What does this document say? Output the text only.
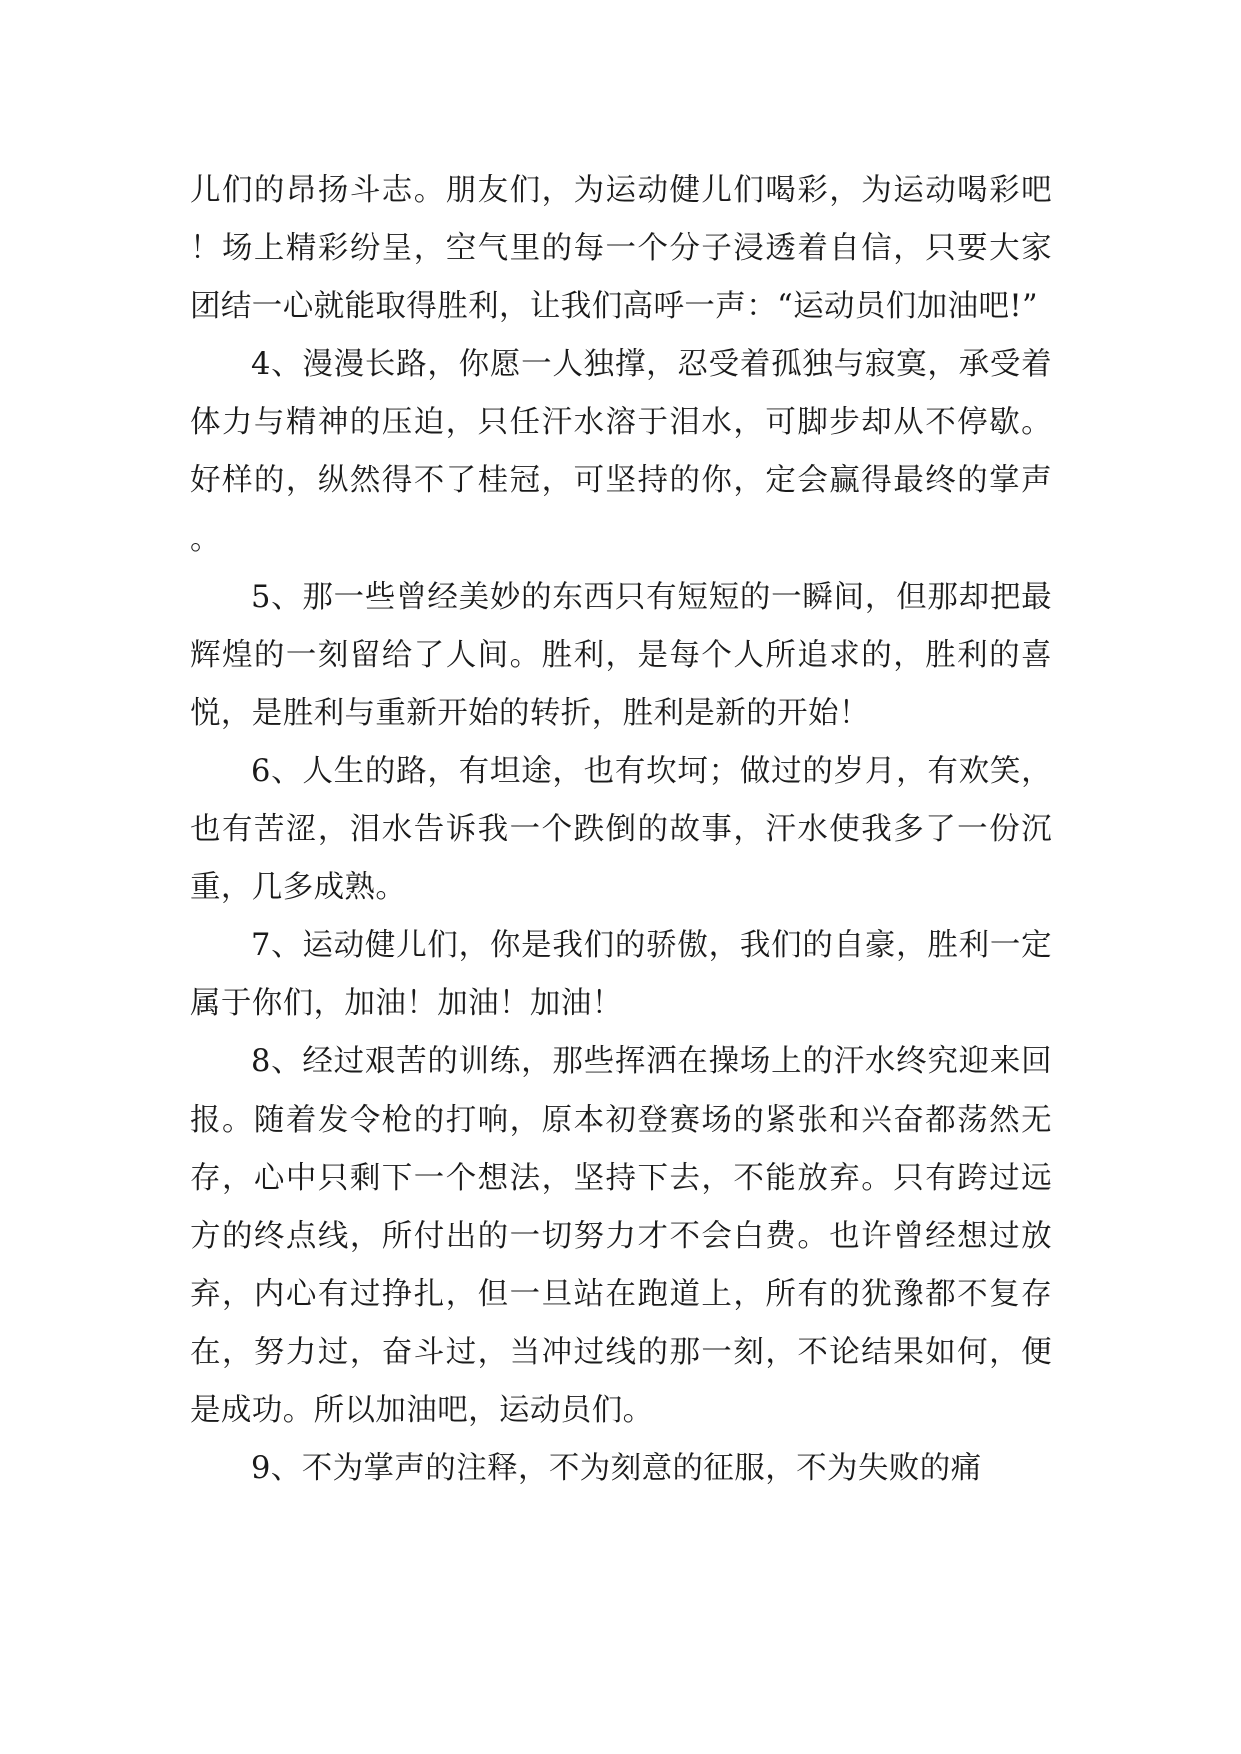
儿们的昂扬斗志。朋友们，为运动健儿们喝彩，为运动喝彩吧！场上精彩纷呈，空气里的每一个分子浸透着自信，只要大家团结一心就能取得胜利，让我们高呼一声：“运动员们加油吧!”

4、漫漫长路，你愿一人独撑，忍受着孤独与寂寞，承受着体力与精神的压迫，只任汗水溶于泪水，可脚步却从不停歇。好样的，纵然得不了桂冠，可坚持的你，定会赢得最终的掌声。

5、那一些曾经美妙的东西只有短短的一瞬间，但那却把最辉煌的一刻留给了人间。胜利，是每个人所追求的，胜利的喜悦，是胜利与重新开始的转折，胜利是新的开始！

6、人生的路，有坦途，也有坎坷；做过的岁月，有欢笑，也有苦涩，泪水告诉我一个跌倒的故事，汗水使我多了一份沉重，几多成熟。

7、运动健儿们，你是我们的骄傲，我们的自豪，胜利一定属于你们，加油！加油！加油！

8、经过艰苦的训练，那些挥洒在操场上的汗水终究迎来回报。随着发令枪的打响，原本初登赛场的紧张和兴奋都荡然无存，心中只剩下一个想法，坚持下去，不能放弃。只有跨过远方的终点线，所付出的一切努力才不会白费。也许曾经想过放弃，内心有过挣扎，但一旦站在跑道上，所有的犹豫都不复存在，努力过，奋斗过，当冲过线的那一刻，不论结果如何，便是成功。所以加油吧，运动员们。

9、不为掌声的注释，不为刻意的征服，不为失败的痛
